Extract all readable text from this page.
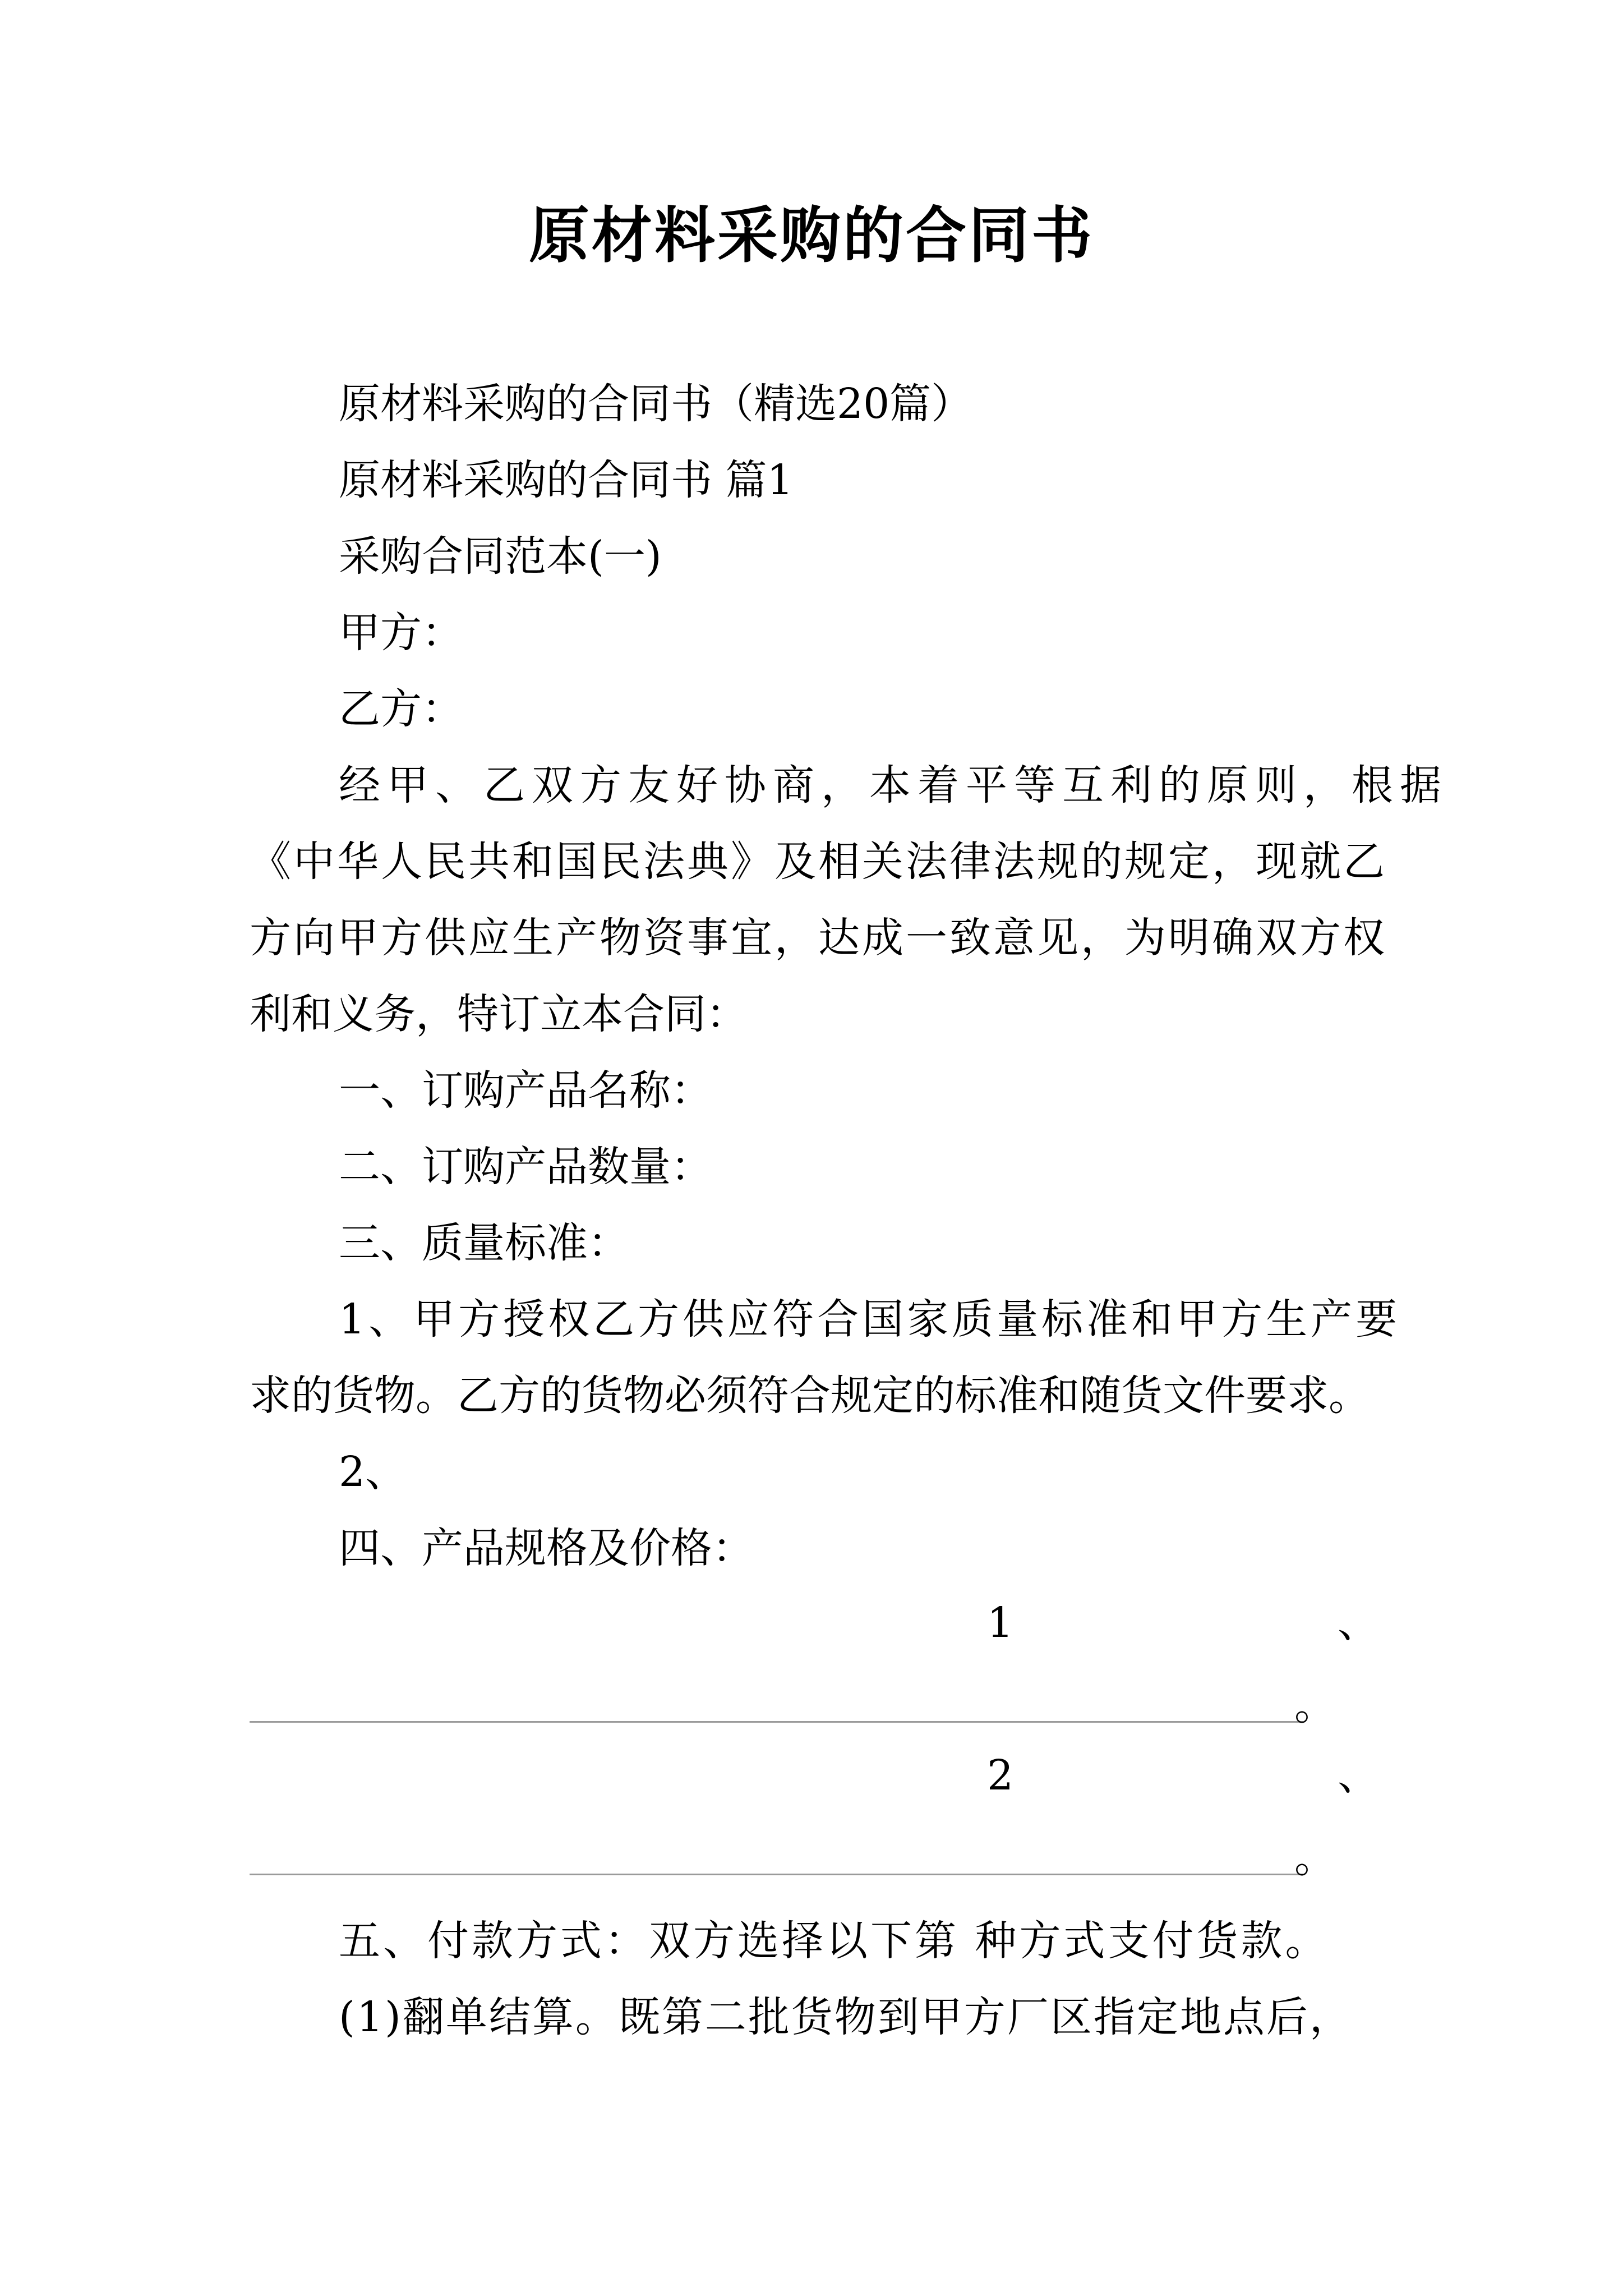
原材料采购的合同书
原材料采购的合同书（精选20篇）
原材料采购的合同书 篇1
采购合同范本(一)
甲方：
乙方：
经甲、乙双方友好协商，本着平等互利的原则，根据
《中华人民共和国民法典》及相关法律法规的规定，现就乙
方向甲方供应生产物资事宜，达成一致意见，为明确双方权
利和义务，特订立本合同：
一、订购产品名称：
二、订购产品数量：
三、质量标准：
1、甲方授权乙方供应符合国家质量标准和甲方生产要
求的货物。乙方的货物必须符合规定的标准和随货文件要求。
2、
四、产品规格及价格：
1	、
。
2	、
。
五、付款方式：双方选择以下第 种方式支付货款。
(1)翻单结算。既第二批货物到甲方厂区指定地点后，
